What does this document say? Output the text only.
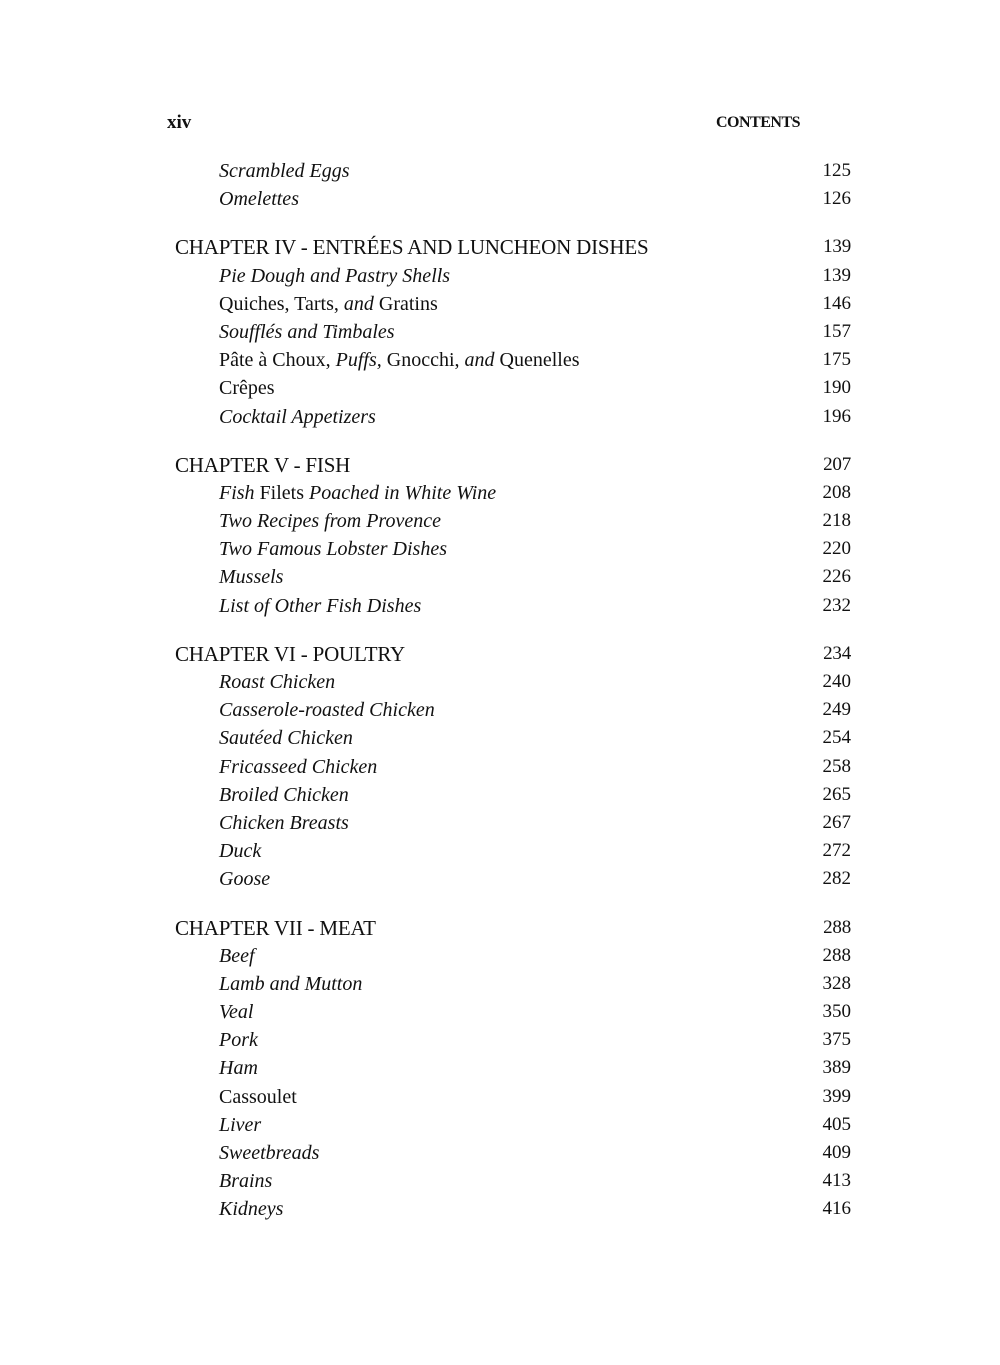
xiv	CONTENTS
Scrambled Eggs	125
Omelettes	126
CHAPTER IV - ENTRÉES AND LUNCHEON DISHES	139
Pie Dough and Pastry Shells	139
Quiches, Tarts, and Gratins	146
Soufflés and Timbales	157
Pâte à Choux, Puffs, Gnocchi, and Quenelles	175
Crêpes	190
Cocktail Appetizers	196
CHAPTER V - FISH	207
Fish Filets Poached in White Wine	208
Two Recipes from Provence	218
Two Famous Lobster Dishes	220
Mussels	226
List of Other Fish Dishes	232
CHAPTER VI - POULTRY	234
Roast Chicken	240
Casserole-roasted Chicken	249
Sautéed Chicken	254
Fricasseed Chicken	258
Broiled Chicken	265
Chicken Breasts	267
Duck	272
Goose	282
CHAPTER VII - MEAT	288
Beef	288
Lamb and Mutton	328
Veal	350
Pork	375
Ham	389
Cassoulet	399
Liver	405
Sweetbreads	409
Brains	413
Kidneys	416
